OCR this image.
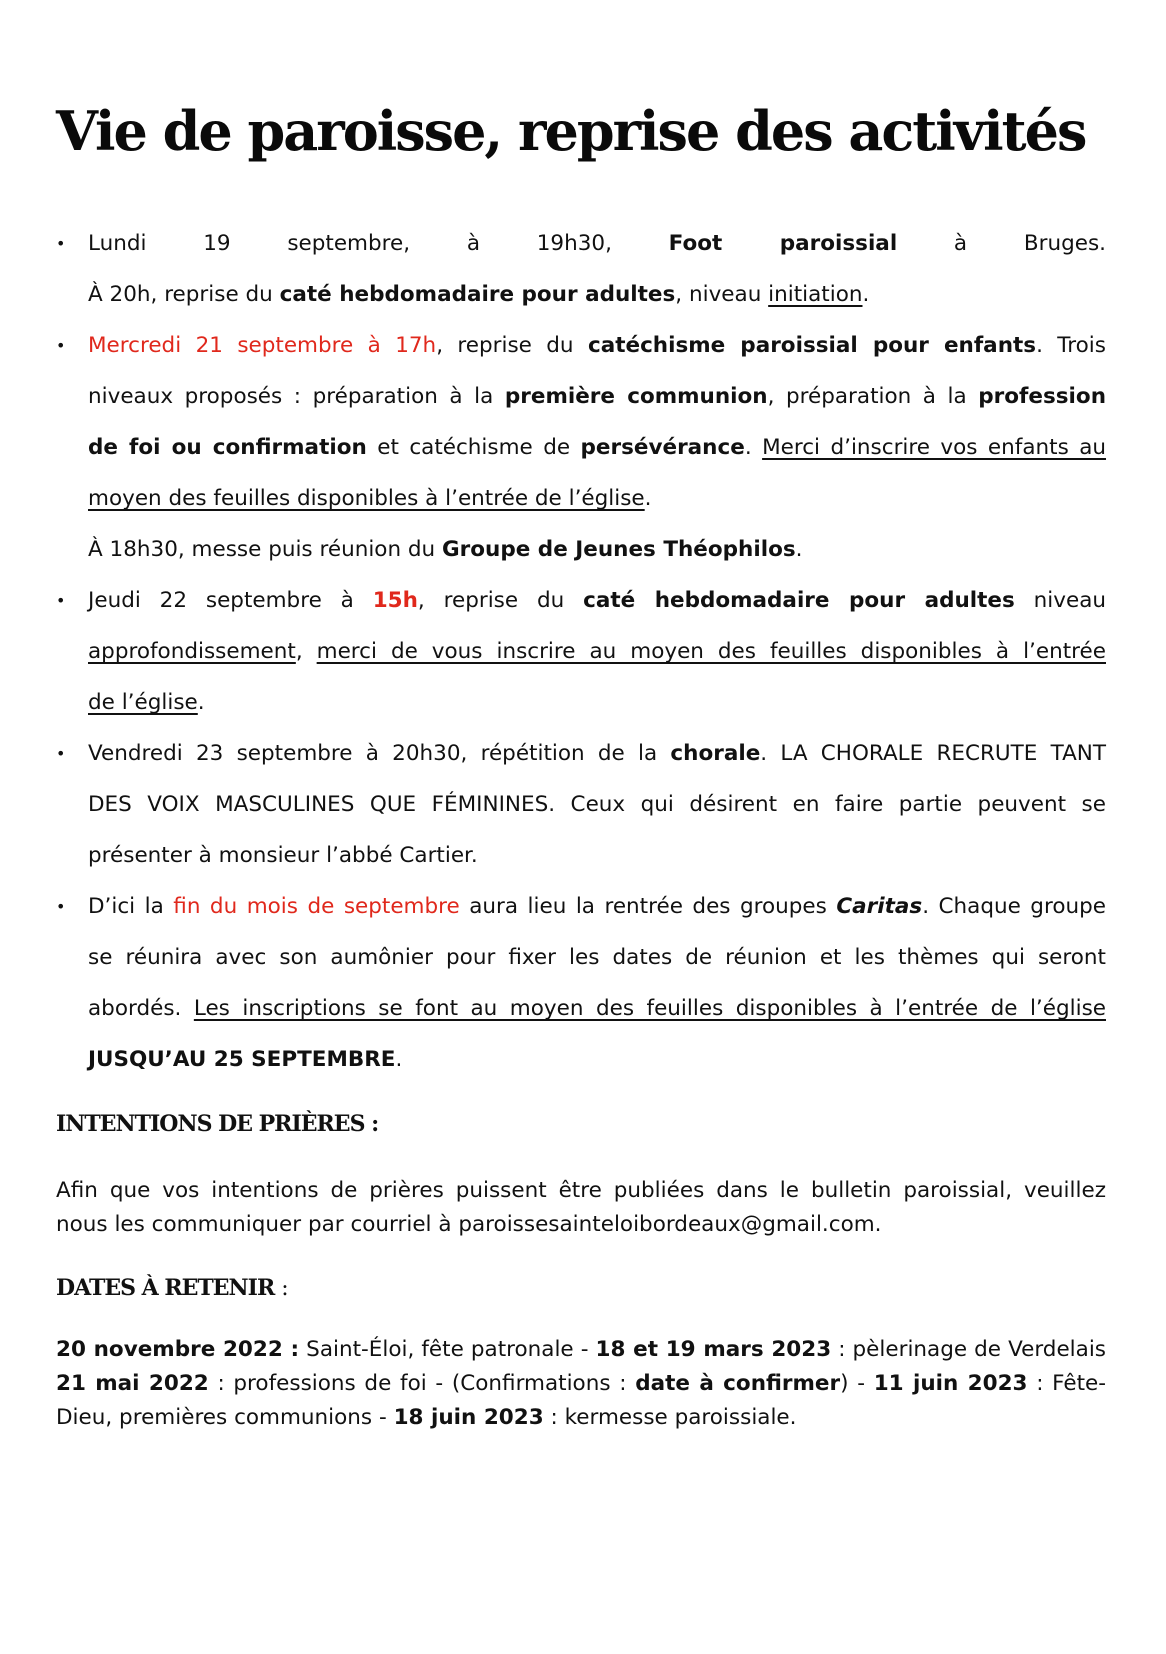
Vie de paroisse, reprise des activités
• Lundi 19 septembre, à 19h30, Foot paroissial à Bruges.
À 20h, reprise du caté hebdomadaire pour adultes, niveau initiation.
• Mercredi 21 septembre à 17h, reprise du catéchisme paroissial pour enfants. Trois
niveaux proposés : préparation à la première communion, préparation à la profession
de foi ou confirmation et catéchisme de persévérance. Merci d’inscrire vos enfants au
moyen des feuilles disponibles à l’entrée de l’église.
À 18h30, messe puis réunion du Groupe de Jeunes Théophilos.
• Jeudi 22 septembre à 15h, reprise du caté hebdomadaire pour adultes niveau
approfondissement, merci de vous inscrire au moyen des feuilles disponibles à l’entrée
de l’église.
• Vendredi 23 septembre à 20h30, répétition de la chorale. LA CHORALE RECRUTE TANT
DES VOIX MASCULINES QUE FÉMININES. Ceux qui désirent en faire partie peuvent se
présenter à monsieur l’abbé Cartier.
• D’ici la fin du mois de septembre aura lieu la rentrée des groupes Caritas. Chaque groupe
se réunira avec son aumônier pour fixer les dates de réunion et les thèmes qui seront
abordés. Les inscriptions se font au moyen des feuilles disponibles à l’entrée de l’église
JUSQU’AU 25 SEPTEMBRE.
INTENTIONS DE PRIÈRES :
Afin que vos intentions de prières puissent être publiées dans le bulletin paroissial, veuillez
nous les communiquer par courriel à paroissesainteloibordeaux@gmail.com.
DATES À RETENIR :
20 novembre 2022 : Saint-Éloi, fête patronale - 18 et 19 mars 2023 : pèlerinage de Verdelais
21 mai 2022 : professions de foi - (Confirmations : date à confirmer) - 11 juin 2023 : Fête-
Dieu, premières communions - 18 juin 2023 : kermesse paroissiale.
